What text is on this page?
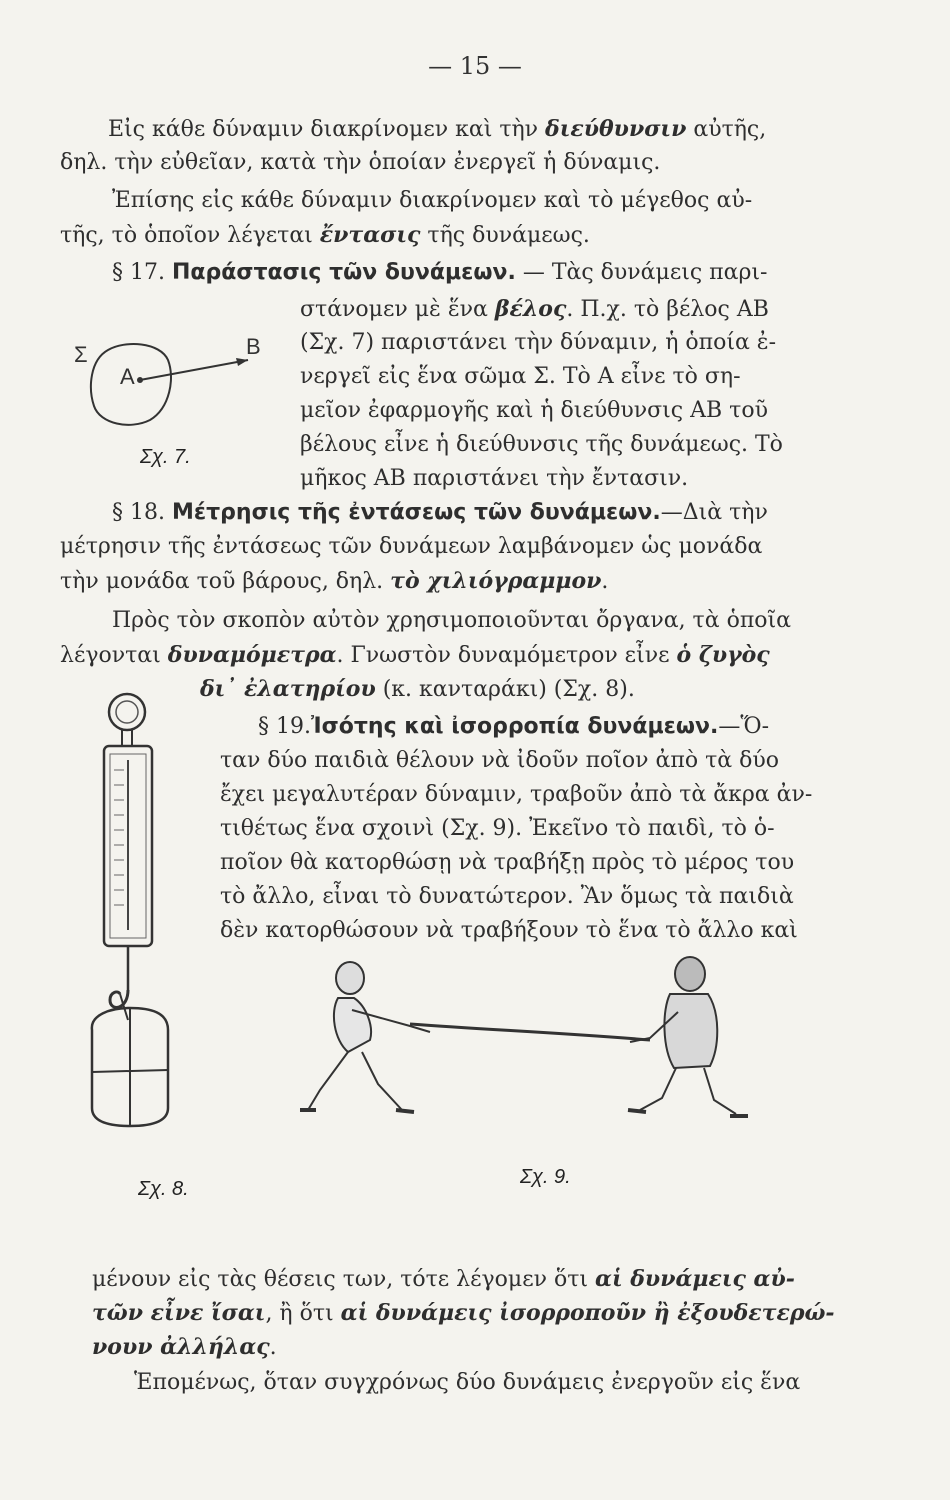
— 15 —
Εἰς κάθε δύναμιν διακρίνομεν καὶ τὴν διεύθυνσιν αὐτῆς,
δηλ. τὴν εὐθεῖαν, κατὰ τὴν ὁποίαν ἐνεργεῖ ἡ δύναμις.
Ἐπίσης εἰς κάθε δύναμιν διακρίνομεν καὶ τὸ μέγεθος αὐ-
τῆς, τὸ ὁποῖον λέγεται ἔντασις τῆς δυνάμεως.
§ 17. Παράστασις τῶν δυνάμεων. — Τὰς δυνάμεις παρι-
στάνομεν μὲ ἕνα βέλος. Π.χ. τὸ βέλος ΑΒ
(Σχ. 7) παριστάνει τὴν δύναμιν, ἡ ὁποία ἐ-
νεργεῖ εἰς ἕνα σῶμα Σ. Τὸ Α εἶνε τὸ ση-
μεῖον ἐφαρμογῆς καὶ ἡ διεύθυνσις ΑΒ τοῦ
βέλους εἶνε ἡ διεύθυνσις τῆς δυνάμεως. Τὸ
μῆκος ΑΒ παριστάνει τὴν ἔντασιν.
Σ
Α
Β
Σχ. 7.
§ 18. Μέτρησις τῆς ἐντάσεως τῶν δυνάμεων.—Διὰ τὴν
μέτρησιν τῆς ἐντάσεως τῶν δυνάμεων λαμβάνομεν ὡς μονάδα
τὴν μονάδα τοῦ βάρους, δηλ. τὸ χιλιόγραμμον.
Πρὸς τὸν σκοπὸν αὐτὸν χρησιμοποιοῦνται ὄργανα, τὰ ὁποῖα
λέγονται δυναμόμετρα. Γνωστὸν δυναμόμετρον εἶνε ὁ ζυγὸς
δι᾽ ἐλατηρίου (κ. κανταράκι) (Σχ. 8).
§ 19.Ἰσότης καὶ ἰσορροπία δυνάμεων.—Ὅ-
ταν δύο παιδιὰ θέλουν νὰ ἰδοῦν ποῖον ἀπὸ τὰ δύο
ἔχει μεγαλυτέραν δύναμιν, τραβοῦν ἀπὸ τὰ ἄκρα ἀν-
τιθέτως ἕνα σχοινὶ (Σχ. 9). Ἐκεῖνο τὸ παιδὶ, τὸ ὁ-
ποῖον θὰ κατορθώσῃ νὰ τραβήξῃ πρὸς τὸ μέρος του
τὸ ἄλλο, εἶναι τὸ δυνατώτερον. Ἂν ὅμως τὰ παιδιὰ
δὲν κατορθώσουν νὰ τραβήξουν τὸ ἕνα τὸ ἄλλο καὶ
Σχ. 8.
Σχ. 9.
μένουν εἰς τὰς θέσεις των, τότε λέγομεν ὅτι αἱ δυνάμεις αὐ-
τῶν εἶνε ἴσαι, ἢ ὅτι αἱ δυνάμεις ἰσορροποῦν ἢ ἐξουδετερώ-
νουν ἀλλήλας.
Ἑπομένως, ὅταν συγχρόνως δύο δυνάμεις ἐνεργοῦν εἰς ἕνα
